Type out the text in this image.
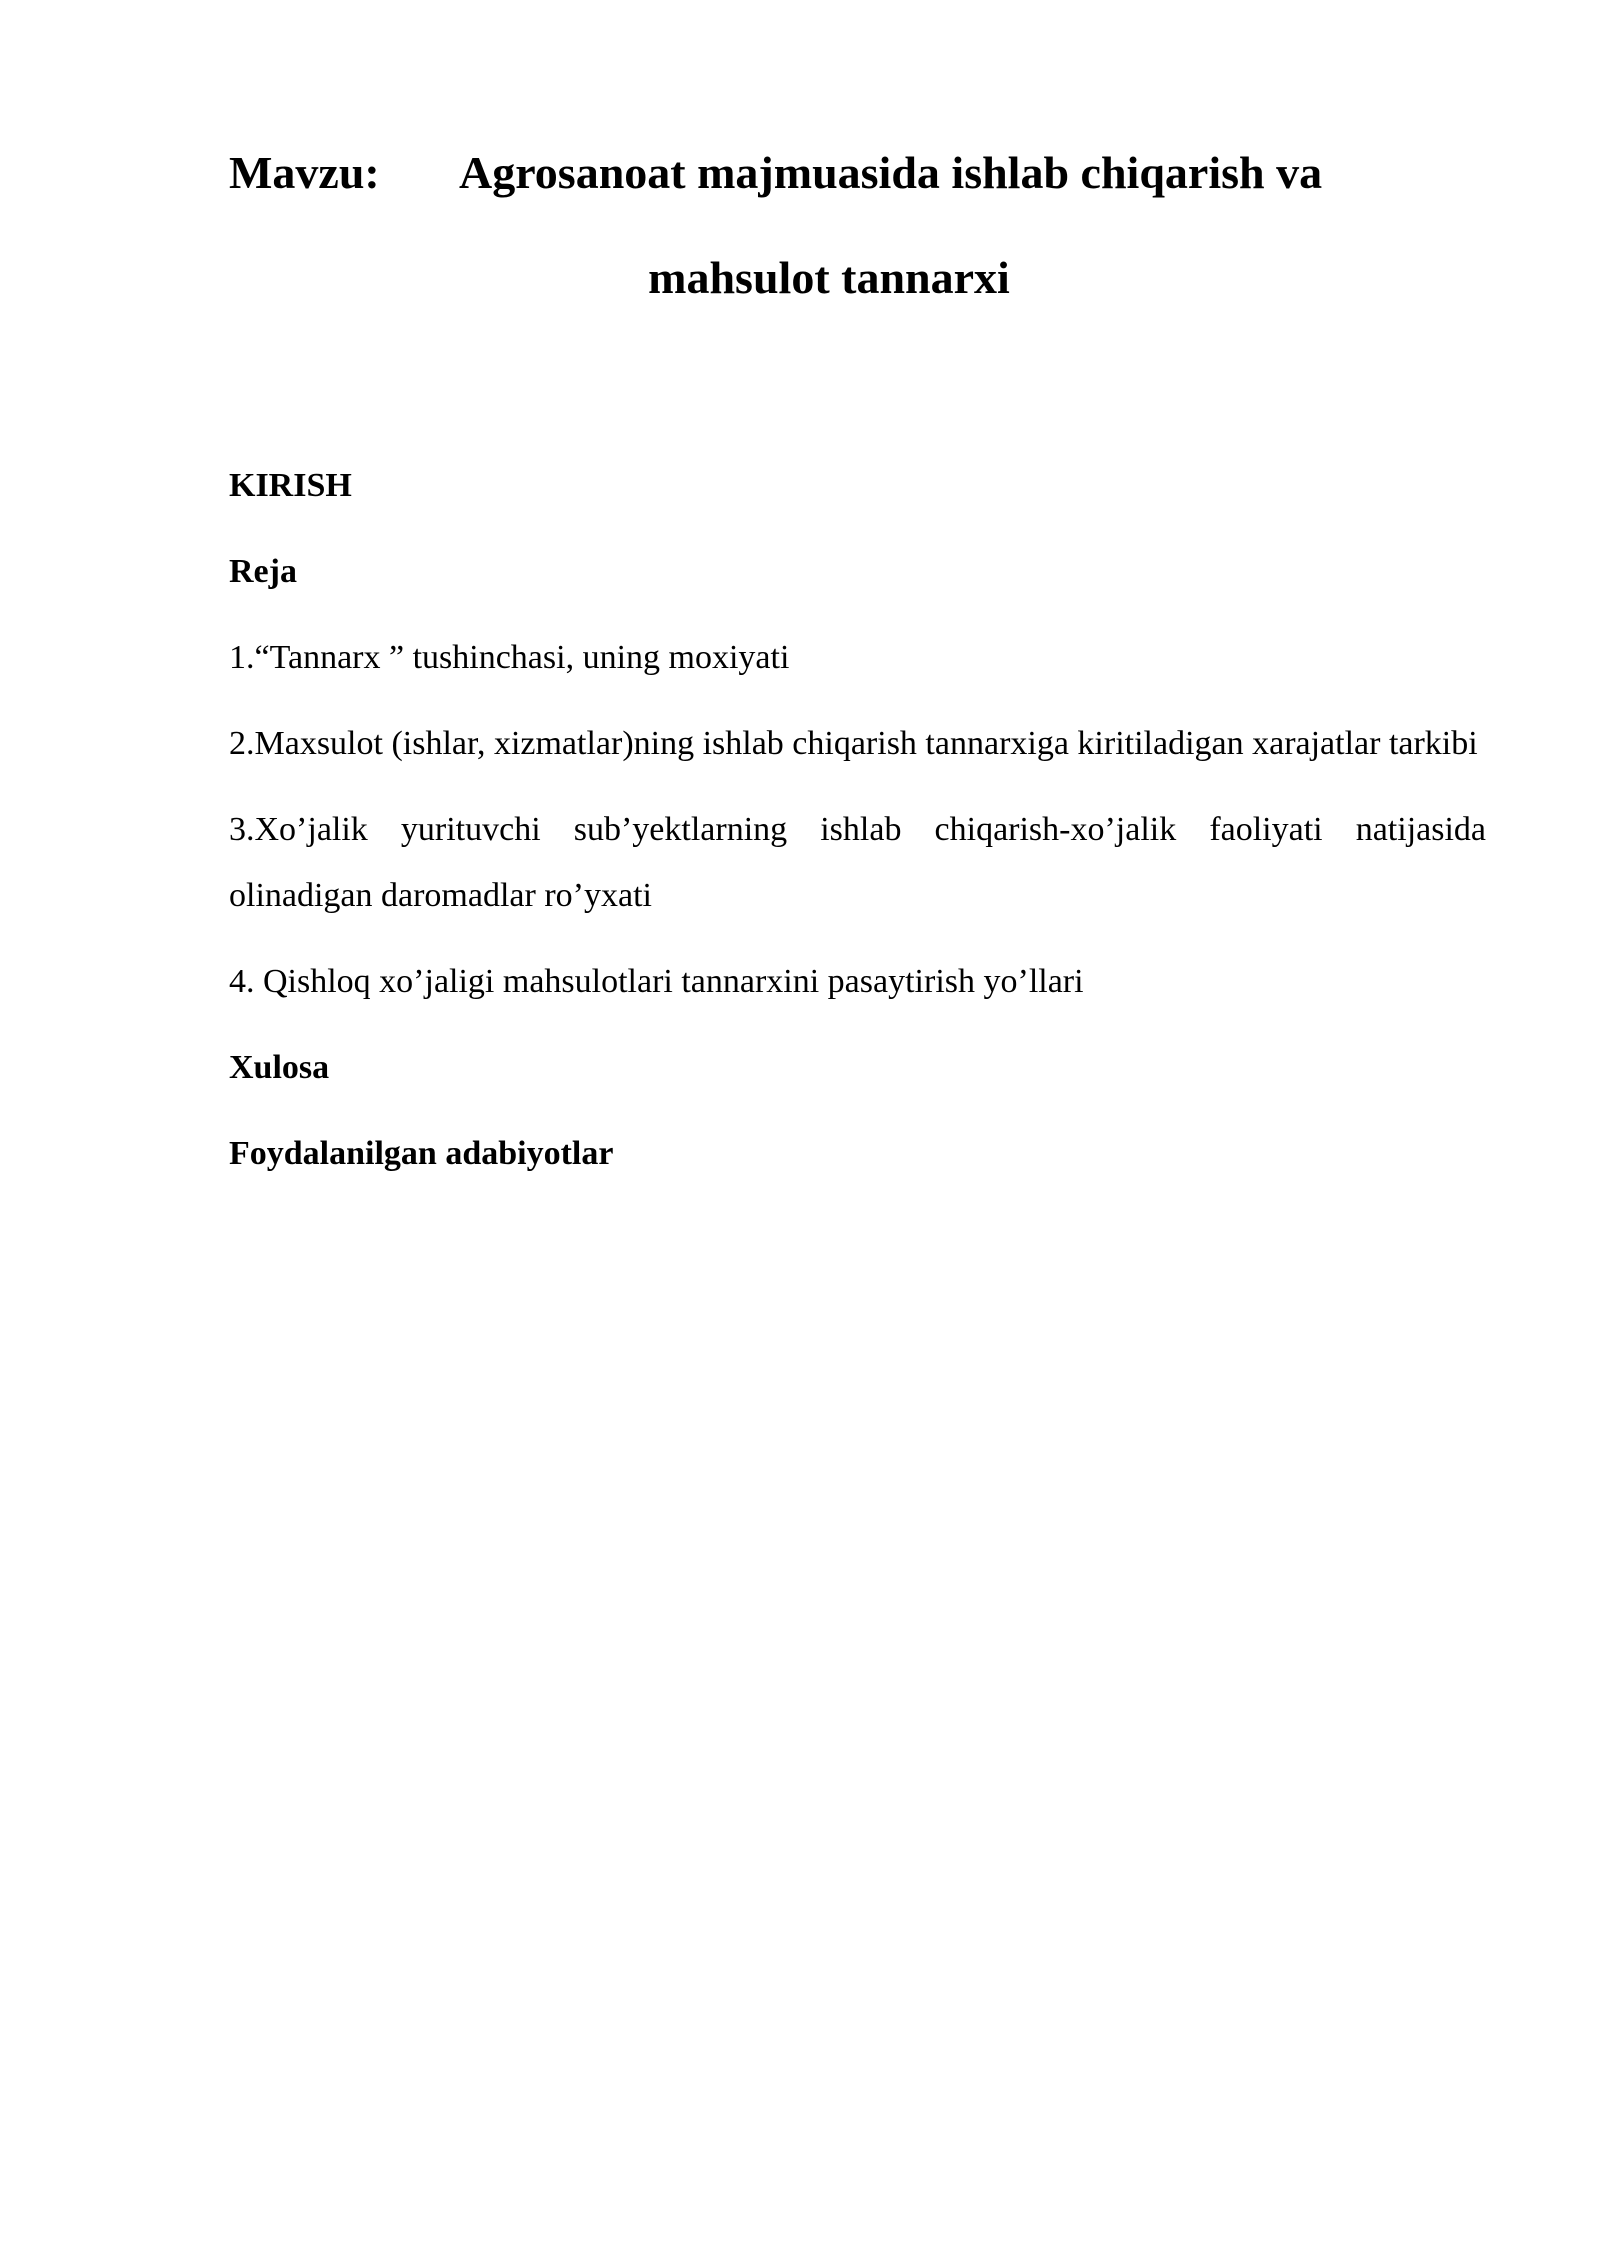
Mavzu: Agrosanoat majmuasida ishlab chiqarish va
mahsulot tannarxi

KIRISH

Reja

1.“Tannarx ” tushinchasi, uning moxiyati

2.Maxsulot (ishlar, xizmatlar)ning ishlab chiqarish tannarxiga kiritiladigan xarajatlar tarkibi

3.Xo’jalik yurituvchi sub’yektlarning ishlab chiqarish-xo’jalik faoliyati natijasida olinadigan daromadlar ro’yxati

4. Qishloq xo’jaligi mahsulotlari tannarxini pasaytirish yo’llari

Xulosa

Foydalanilgan adabiyotlar
